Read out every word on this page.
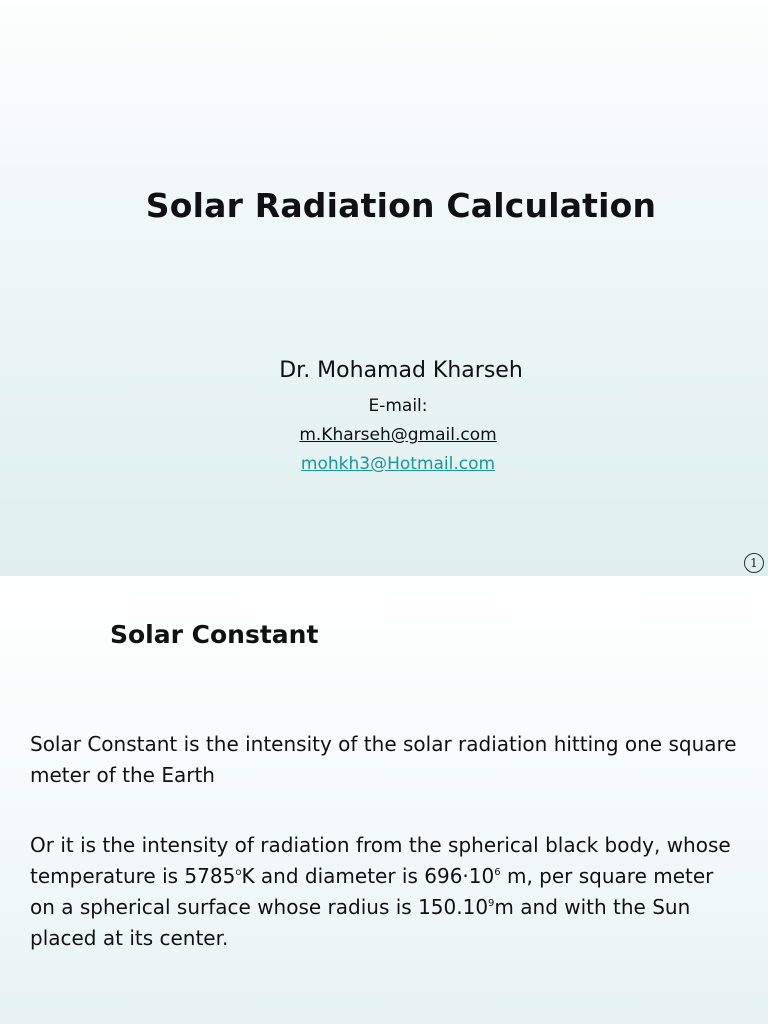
Solar Radiation Calculation
Dr. Mohamad Kharseh
E-mail:
m.Kharseh@gmail.com
mohkh3@Hotmail.com
1
Solar Constant
Solar Constant is the intensity of the solar radiation hitting one square meter of the Earth
Or it is the intensity of radiation from the spherical black body, whose temperature is 5785$^o$K and diameter is $696\cdot 10^6$ m, per square meter on a spherical surface whose radius is 150.10$^9$m and with the Sun placed at its center.
